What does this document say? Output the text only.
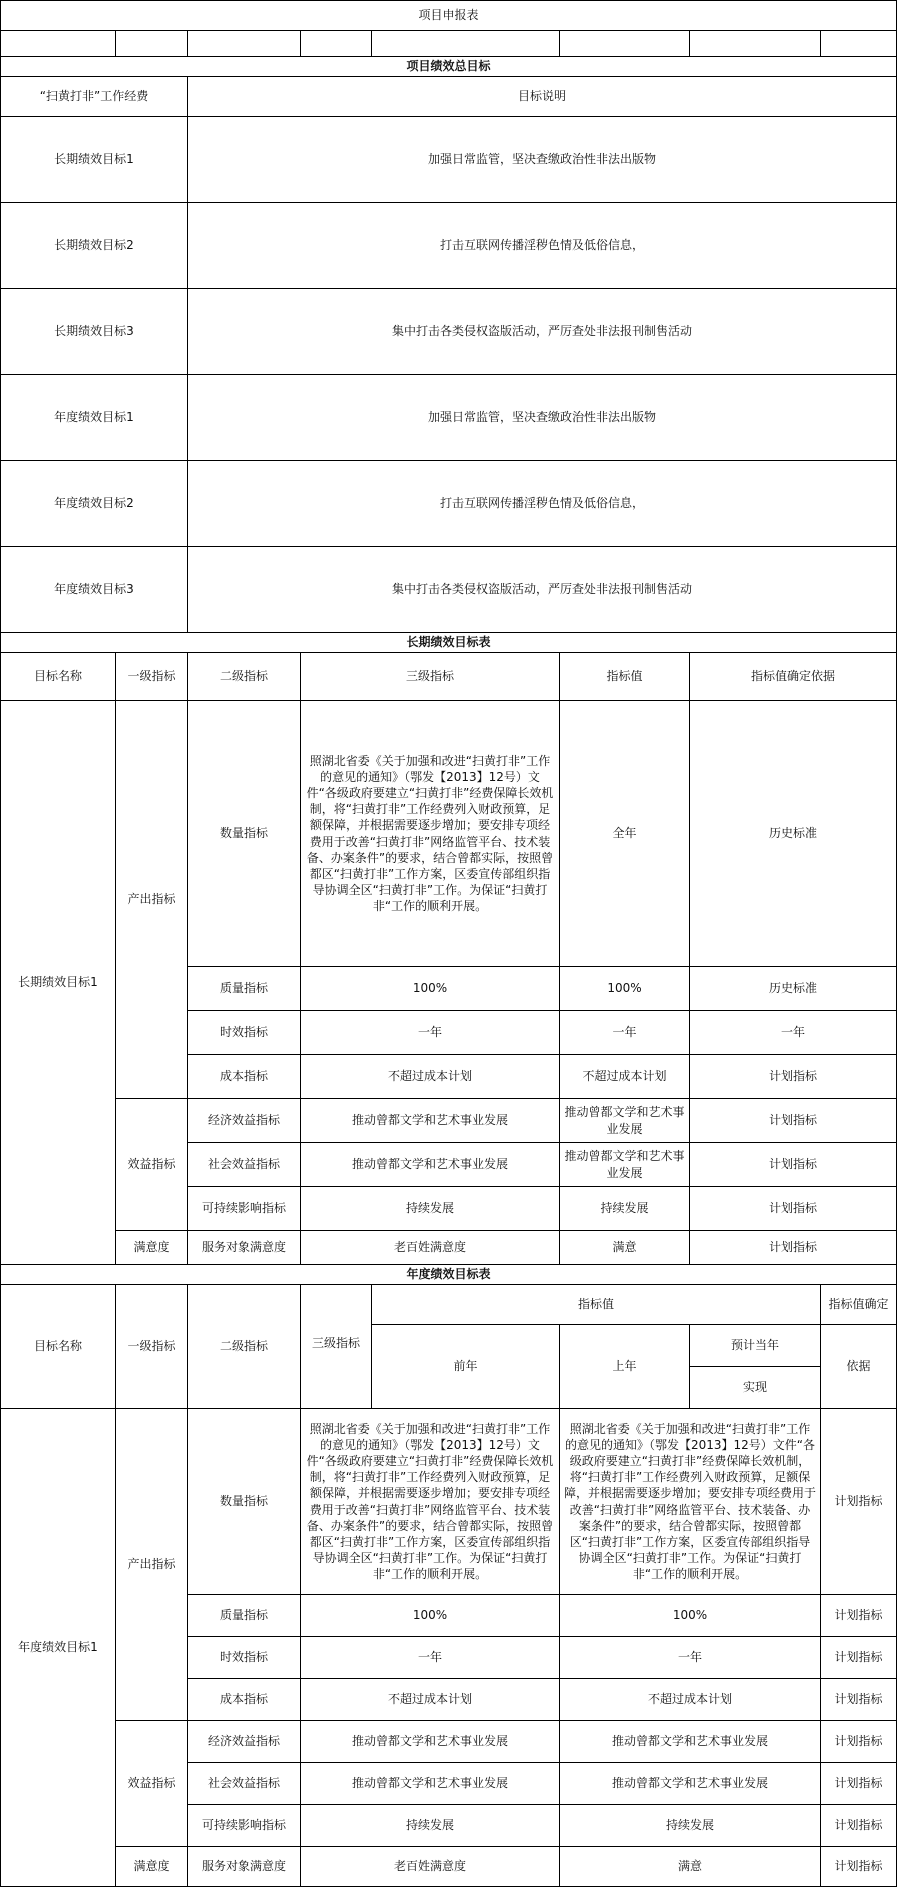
项目申报表							

项目绩效总目标							
“扫黄打非”工作经费		目标说明					
长期绩效目标1		加强日常监管，坚决查缴政治性非法出版物					
长期绩效目标2		打击互联网传播淫秽色情及低俗信息，					
长期绩效目标3		集中打击各类侵权盗版活动，严厉查处非法报刊制售活动					
年度绩效目标1		加强日常监管，坚决查缴政治性非法出版物					
年度绩效目标2		打击互联网传播淫秽色情及低俗信息，					
年度绩效目标3		集中打击各类侵权盗版活动，严厉查处非法报刊制售活动					
长期绩效目标表							
目标名称	一级指标	二级指标	三级指标		指标值	指标值确定依据	
长期绩效目标1	产出指标	数量指标	照湖北省委《关于加强和改进“扫黄打非”工作的意见的通知》（鄂发【2013】12号）文件“各级政府要建立“扫黄打非”经费保障长效机制，将“扫黄打非”工作经费列入财政预算，足额保障，并根据需要逐步增加；要安排专项经费用于改善“扫黄打非”网络监管平台、技术装备、办案条件”的要求，结合曾都实际，按照曾都区“扫黄打非”工作方案，区委宣传部组织指导协调全区“扫黄打非”工作。为保证“扫黄打非“工作的顺利开展。		全年	历史标准	
		质量指标	100%		100%	历史标准	
		时效指标	一年		一年	一年	
		成本指标	不超过成本计划		不超过成本计划	计划指标	
	效益指标	经济效益指标	推动曾都文学和艺术事业发展		推动曾都文学和艺术事业发展	计划指标	
		社会效益指标	推动曾都文学和艺术事业发展		推动曾都文学和艺术事业发展	计划指标	
		可持续影响指标	持续发展		持续发展	计划指标	
	满意度	服务对象满意度	老百姓满意度		满意	计划指标	
年度绩效目标表							
目标名称	一级指标	二级指标	三级指标	指标值			指标值确定
				前年	上年	预计当年	依据
						实现	
年度绩效目标1	产出指标	数量指标	照湖北省委《关于加强和改进“扫黄打非”工作的意见的通知》（鄂发【2013】12号）文件“各级政府要建立“扫黄打非”经费保障长效机制，将“扫黄打非”工作经费列入财政预算，足额保障，并根据需要逐步增加；要安排专项经费用于改善“扫黄打非”网络监管平台、技术装备、办案条件”的要求，结合曾都实际，按照曾都区“扫黄打非”工作方案，区委宣传部组织指导协调全区“扫黄打非”工作。为保证“扫黄打非“工作的顺利开展。		照湖北省委《关于加强和改进“扫黄打非”工作的意见的通知》（鄂发【2013】12号）文件“各级政府要建立“扫黄打非”经费保障长效机制，将“扫黄打非”工作经费列入财政预算，足额保障，并根据需要逐步增加；要安排专项经费用于改善“扫黄打非”网络监管平台、技术装备、办案条件”的要求，结合曾都实际，按照曾都区“扫黄打非”工作方案，区委宣传部组织指导协调全区“扫黄打非”工作。为保证“扫黄打非“工作的顺利开展。		计划指标
		质量指标	100%		100%		计划指标
		时效指标	一年		一年		计划指标
		成本指标	不超过成本计划		不超过成本计划		计划指标
	效益指标	经济效益指标	推动曾都文学和艺术事业发展		推动曾都文学和艺术事业发展		计划指标
		社会效益指标	推动曾都文学和艺术事业发展		推动曾都文学和艺术事业发展		计划指标
		可持续影响指标	持续发展		持续发展		计划指标
	满意度	服务对象满意度	老百姓满意度		满意		计划指标
